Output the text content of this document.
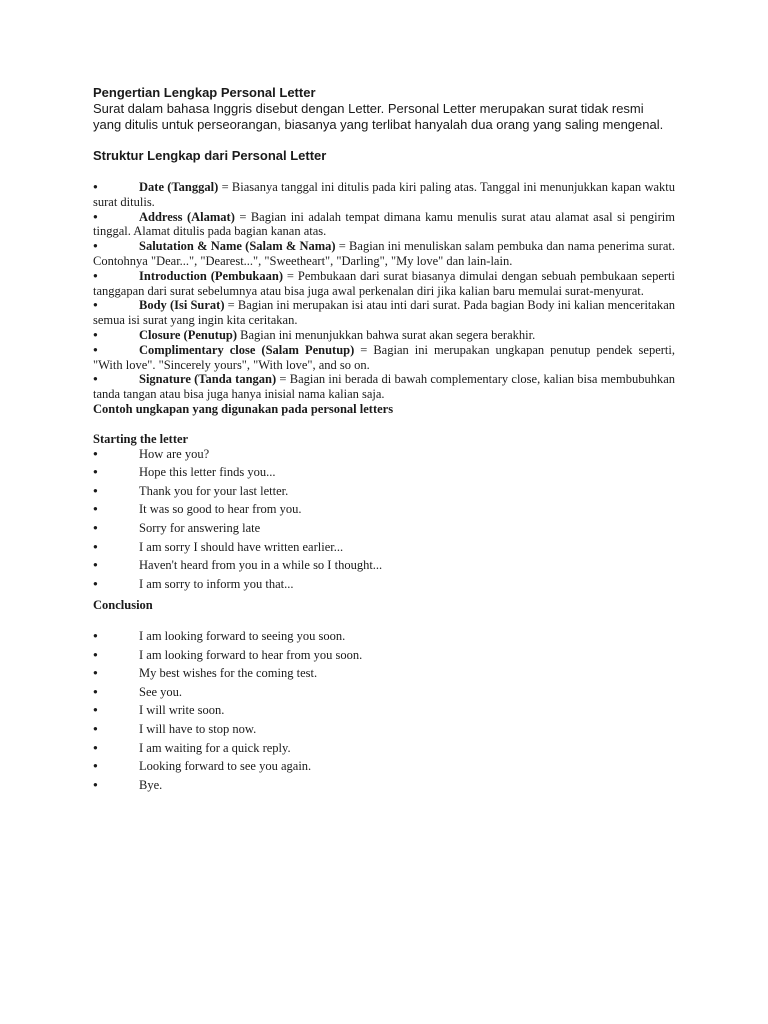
Pengertian Lengkap Personal Letter

Surat dalam bahasa Inggris disebut dengan Letter. Personal Letter merupakan surat tidak resmi yang ditulis untuk perseorangan, biasanya yang terlibat hanyalah dua orang yang saling mengenal.

Struktur Lengkap dari Personal Letter

●	Date (Tanggal) = Biasanya tanggal ini ditulis pada kiri paling atas. Tanggal ini menunjukkan kapan waktu surat ditulis.
●	Address (Alamat) = Bagian ini adalah tempat dimana kamu menulis surat atau alamat asal si pengirim tinggal. Alamat ditulis pada bagian kanan atas.
●	Salutation & Name (Salam & Nama) = Bagian ini menuliskan salam pembuka dan nama penerima surat. Contohnya "Dear...", "Dearest...", "Sweetheart", "Darling", "My love" dan lain-lain.
●	Introduction (Pembukaan) = Pembukaan dari surat biasanya dimulai dengan sebuah pembukaan seperti tanggapan dari surat sebelumnya atau bisa juga awal perkenalan diri jika kalian baru memulai surat-menyurat.
●	Body (Isi Surat) = Bagian ini merupakan isi atau inti dari surat. Pada bagian Body ini kalian menceritakan semua isi surat yang ingin kita ceritakan.
●	Closure (Penutup) Bagian ini menunjukkan bahwa surat akan segera berakhir.
●	Complimentary close (Salam Penutup) = Bagian ini merupakan ungkapan penutup pendek seperti, "With love". "Sincerely yours", "With love", and so on.
●	Signature (Tanda tangan) = Bagian ini berada di bawah complementary close, kalian bisa membubuhkan tanda tangan atau bisa juga hanya inisial nama kalian saja.

Contoh ungkapan yang digunakan pada personal letters

Starting the letter

●	How are you?
●	Hope this letter finds you...
●	Thank you for your last letter.
●	It was so good to hear from you.
●	Sorry for answering late
●	I am sorry I should have written earlier...
●	Haven't heard from you in a while so I thought...
●	I am sorry to inform you that...

Conclusion

●	I am looking forward to seeing you soon.
●	I am looking forward to hear from you soon.
●	My best wishes for the coming test.
●	See you.
●	I will write soon.
●	I will have to stop now.
●	I am waiting for a quick reply.
●	Looking forward to see you again.
●	Bye.
